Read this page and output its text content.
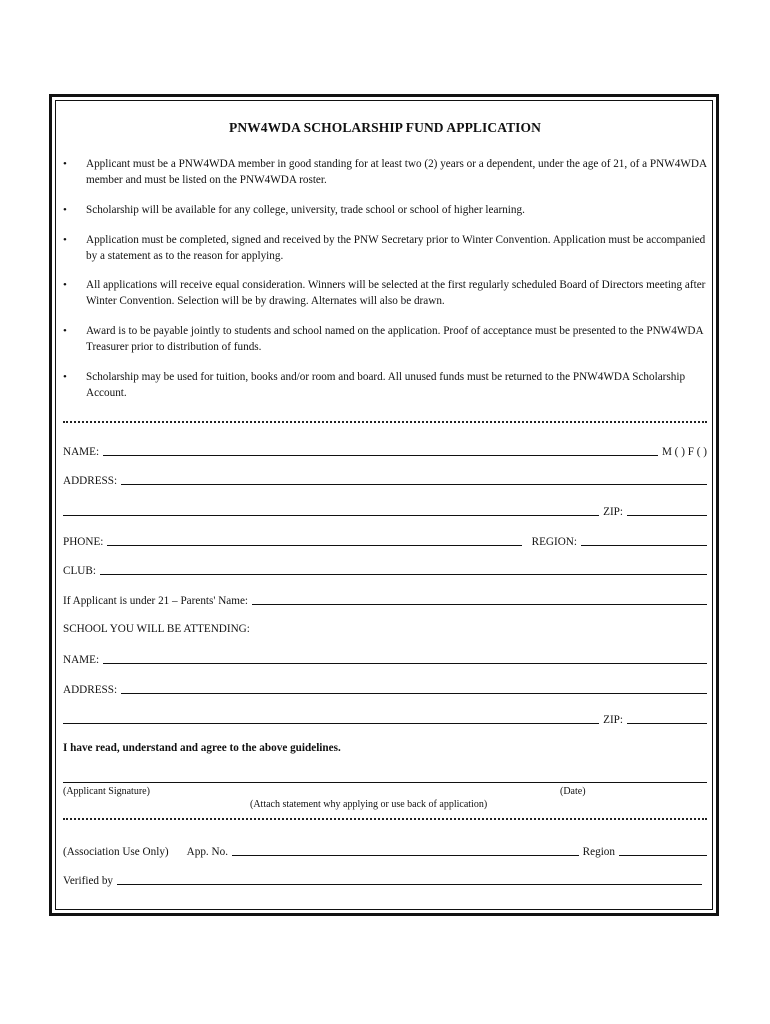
PNW4WDA SCHOLARSHIP FUND APPLICATION
• Applicant must be a PNW4WDA member in good standing for at least two (2) years or a dependent, under the age of 21, of a PNW4WDA member and must be listed on the PNW4WDA roster.
• Scholarship will be available for any college, university, trade school or school of higher learning.
• Application must be completed, signed and received by the PNW Secretary prior to Winter Convention. Application must be accompanied by a statement as to the reason for applying.
• All applications will receive equal consideration. Winners will be selected at the first regularly scheduled Board of Directors meeting after Winter Convention. Selection will be by drawing. Alternates will also be drawn.
• Award is to be payable jointly to students and school named on the application. Proof of acceptance must be presented to the PNW4WDA Treasurer prior to distribution of funds.
• Scholarship may be used for tuition, books and/or room and board. All unused funds must be returned to the PNW4WDA Scholarship Account.
NAME:	M ( ) F ( )
ADDRESS:
ZIP:
PHONE:	REGION:
CLUB:
If Applicant is under 21 – Parents' Name:
SCHOOL YOU WILL BE ATTENDING:
NAME:
ADDRESS:
ZIP:
I have read, understand and agree to the above guidelines.
(Applicant Signature)	(Date)
(Attach statement why applying or use back of application)
(Association Use Only) App. No.	Region
Verified by
